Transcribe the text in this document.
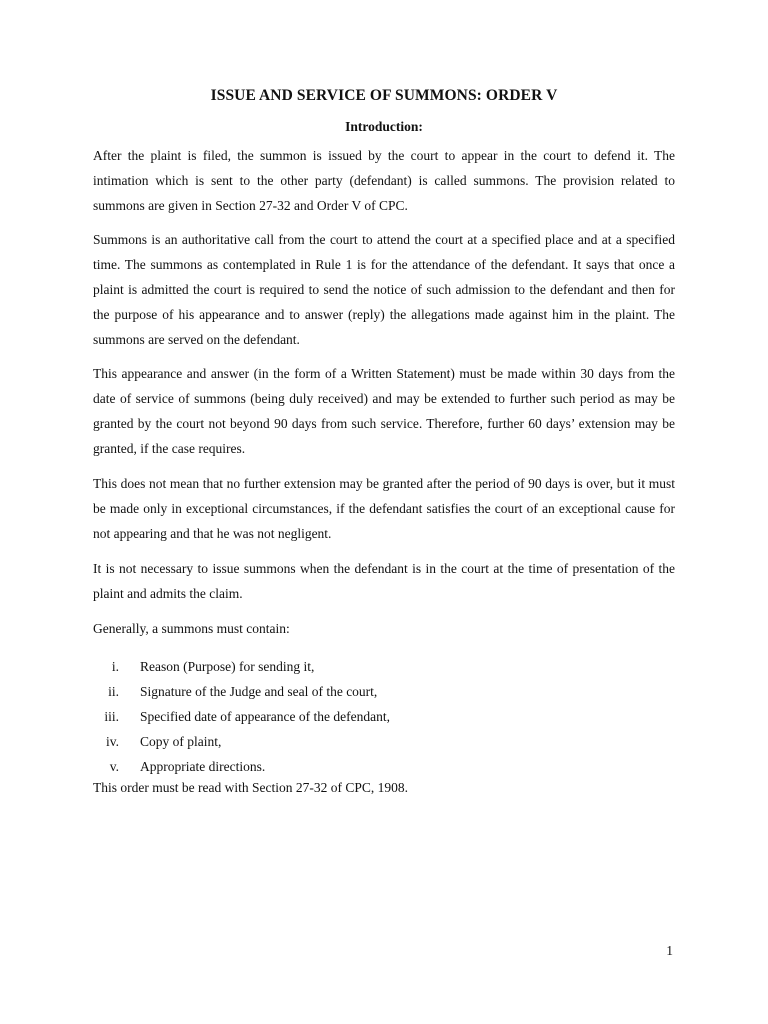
ISSUE AND SERVICE OF SUMMONS: ORDER V
Introduction:

After the plaint is filed, the summon is issued by the court to appear in the court to defend it. The intimation which is sent to the other party (defendant) is called summons. The provision related to summons are given in Section 27-32 and Order V of CPC.

Summons is an authoritative call from the court to attend the court at a specified place and at a specified time. The summons as contemplated in Rule 1 is for the attendance of the defendant. It says that once a plaint is admitted the court is required to send the notice of such admission to the defendant and then for the purpose of his appearance and to answer (reply) the allegations made against him in the plaint. The summons are served on the defendant.

This appearance and answer (in the form of a Written Statement) must be made within 30 days from the date of service of summons (being duly received) and may be extended to further such period as may be granted by the court not beyond 90 days from such service. Therefore, further 60 days’ extension may be granted, if the case requires.

This does not mean that no further extension may be granted after the period of 90 days is over, but it must be made only in exceptional circumstances, if the defendant satisfies the court of an exceptional cause for not appearing and that he was not negligent.

It is not necessary to issue summons when the defendant is in the court at the time of presentation of the plaint and admits the claim.

Generally, a summons must contain:

i. Reason (Purpose) for sending it,
ii. Signature of the Judge and seal of the court,
iii. Specified date of appearance of the defendant,
iv. Copy of plaint,
v. Appropriate directions.

This order must be read with Section 27-32 of CPC, 1908.

1
